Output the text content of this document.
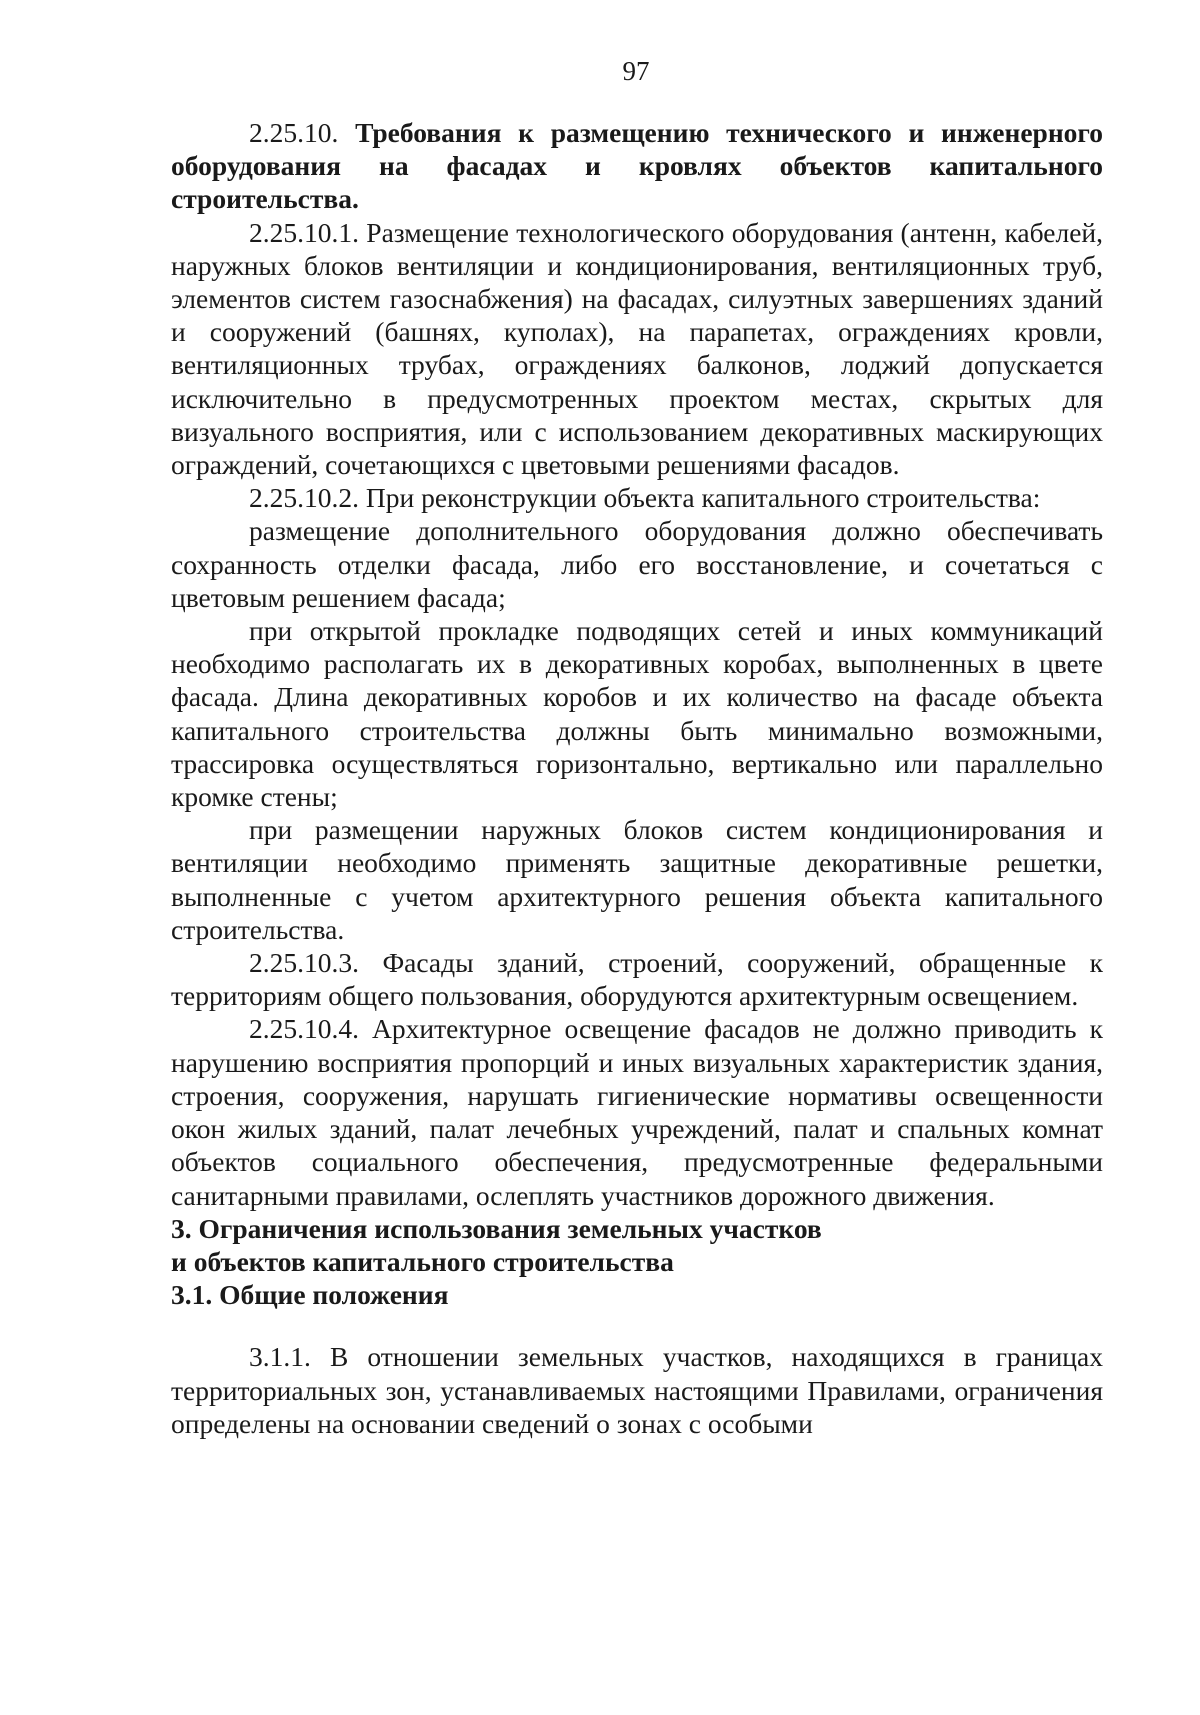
97

2.25.10. Требования к размещению технического и инженерного оборудования на фасадах и кровлях объектов капитального строительства.

2.25.10.1. Размещение технологического оборудования (антенн, кабелей, наружных блоков вентиляции и кондиционирования, вентиляционных труб, элементов систем газоснабжения) на фасадах, силуэтных завершениях зданий и сооружений (башнях, куполах), на парапетах, ограждениях кровли, вентиляционных трубах, ограждениях балконов, лоджий допускается исключительно в предусмотренных проектом местах, скрытых для визуального восприятия, или с использованием декоративных маскирующих ограждений, сочетающихся с цветовыми решениями фасадов.

2.25.10.2. При реконструкции объекта капитального строительства:

размещение дополнительного оборудования должно обеспечивать сохранность отделки фасада, либо его восстановление, и сочетаться с цветовым решением фасада;

при открытой прокладке подводящих сетей и иных коммуникаций необходимо располагать их в декоративных коробах, выполненных в цвете фасада. Длина декоративных коробов и их количество на фасаде объекта капитального строительства должны быть минимально возможными, трассировка осуществляться горизонтально, вертикально или параллельно кромке стены;

при размещении наружных блоков систем кондиционирования и вентиляции необходимо применять защитные декоративные решетки, выполненные с учетом архитектурного решения объекта капитального строительства.

2.25.10.3. Фасады зданий, строений, сооружений, обращенные к территориям общего пользования, оборудуются архитектурным освещением.

2.25.10.4. Архитектурное освещение фасадов не должно приводить к нарушению восприятия пропорций и иных визуальных характеристик здания, строения, сооружения, нарушать гигиенические нормативы освещенности окон жилых зданий, палат лечебных учреждений, палат и спальных комнат объектов социального обеспечения, предусмотренные федеральными санитарными правилами, ослеплять участников дорожного движения.

3. Ограничения использования земельных участков

и объектов капитального строительства

3.1. Общие положения

3.1.1. В отношении земельных участков, находящихся в границах территориальных зон, устанавливаемых настоящими Правилами, ограничения определены на основании сведений о зонах с особыми
